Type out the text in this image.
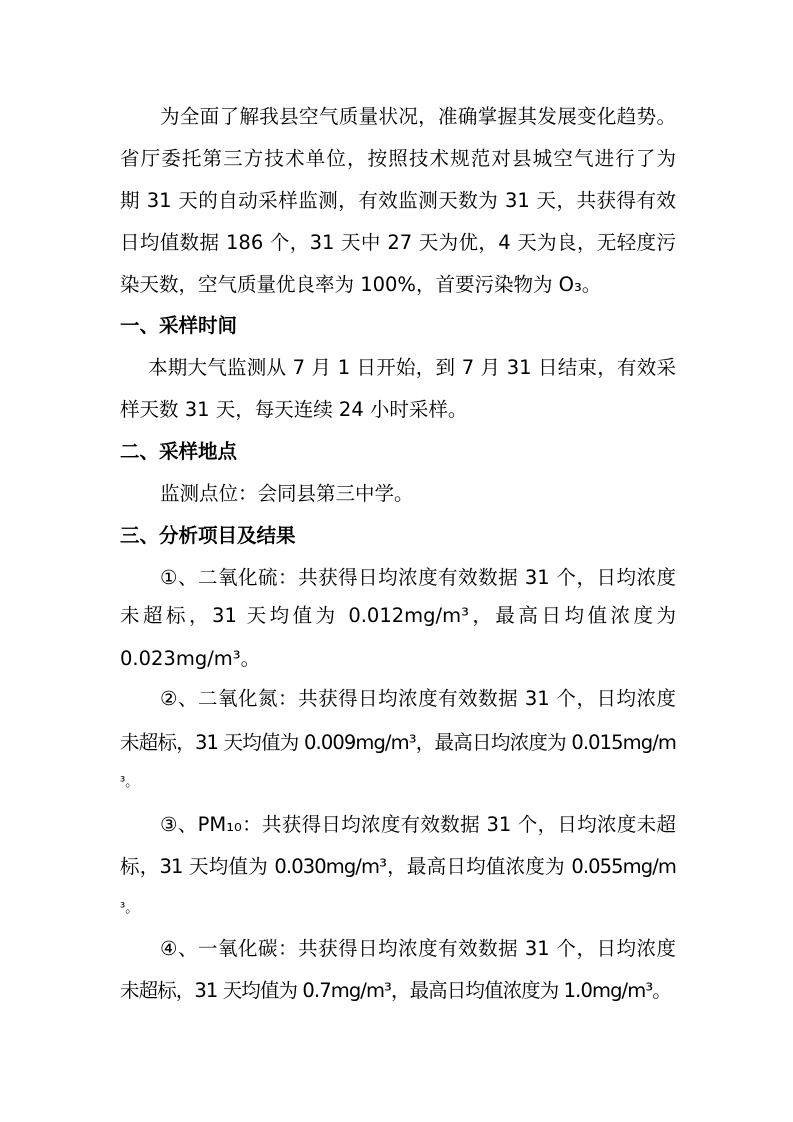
为全面了解我县空气质量状况，准确掌握其发展变化趋势。
省厅委托第三方技术单位，按照技术规范对县城空气进行了为
期 31 天的自动采样监测，有效监测天数为 31 天，共获得有效
日均值数据 186 个，31 天中 27 天为优，4 天为良，无轻度污
染天数，空气质量优良率为 100%，首要污染物为 O₃。
一、采样时间
本期大气监测从 7 月 1 日开始，到 7 月 31 日结束，有效采
样天数 31 天，每天连续 24 小时采样。
二、采样地点
监测点位：会同县第三中学。
三、分析项目及结果
①、二氧化硫：共获得日均浓度有效数据 31 个，日均浓度
未超标，31 天均值为 0.012mg/m³，最高日均值浓度为
0.023mg/m³。
②、二氧化氮：共获得日均浓度有效数据 31 个，日均浓度
未超标，31 天均值为 0.009mg/m³，最高日均浓度为 0.015mg/m
³。
③、PM₁₀：共获得日均浓度有效数据 31 个，日均浓度未超
标，31 天均值为 0.030mg/m³，最高日均值浓度为 0.055mg/m
³。
④、一氧化碳：共获得日均浓度有效数据 31 个，日均浓度
未超标，31 天均值为 0.7mg/m³，最高日均值浓度为 1.0mg/m³。
